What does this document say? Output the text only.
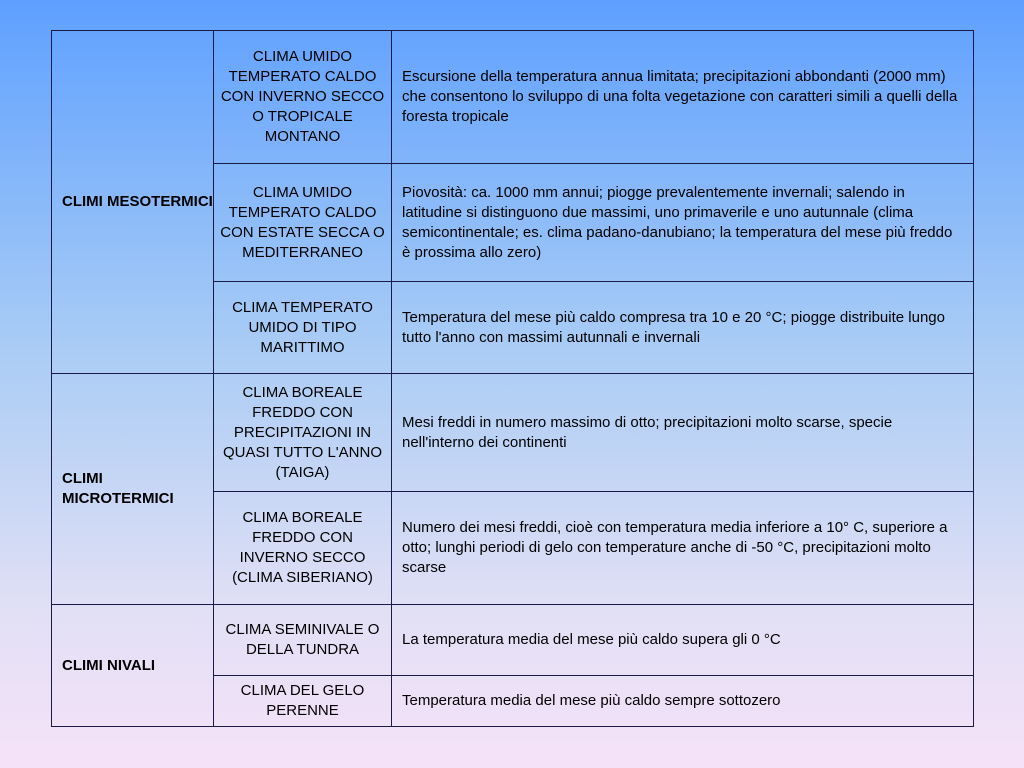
CLIMI MESOTERMICI	CLIMA UMIDO TEMPERATO CALDO CON INVERNO SECCO O TROPICALE MONTANO	Escursione della temperatura annua limitata; precipitazioni abbondanti (2000 mm) che consentono lo sviluppo di una folta vegetazione con caratteri simili a quelli della foresta tropicale
	CLIMA UMIDO TEMPERATO CALDO CON ESTATE SECCA O MEDITERRANEO	Piovosità: ca. 1000 mm annui; piogge prevalentemente invernali; salendo in latitudine si distinguono due massimi, uno primaverile e uno autunnale (clima semicontinentale; es. clima padano-danubiano; la temperatura del mese più freddo è prossima allo zero)
	CLIMA TEMPERATO UMIDO DI TIPO MARITTIMO	Temperatura del mese più caldo compresa tra 10 e 20 °C; piogge distribuite lungo tutto l'anno con massimi autunnali e invernali
CLIMI MICROTERMICI	CLIMA BOREALE FREDDO CON PRECIPITAZIONI IN QUASI TUTTO L'ANNO (TAIGA)	Mesi freddi in numero massimo di otto; precipitazioni molto scarse, specie nell'interno dei continenti
	CLIMA BOREALE FREDDO CON INVERNO SECCO (CLIMA SIBERIANO)	Numero dei mesi freddi, cioè con temperatura media inferiore a 10° C, superiore a otto; lunghi periodi di gelo con temperature anche di -50 °C, precipitazioni molto scarse
CLIMI NIVALI	CLIMA SEMINIVALE O DELLA TUNDRA	La temperatura media del mese più caldo supera gli 0 °C
	CLIMA DEL GELO PERENNE	Temperatura media del mese più caldo sempre sottozero
